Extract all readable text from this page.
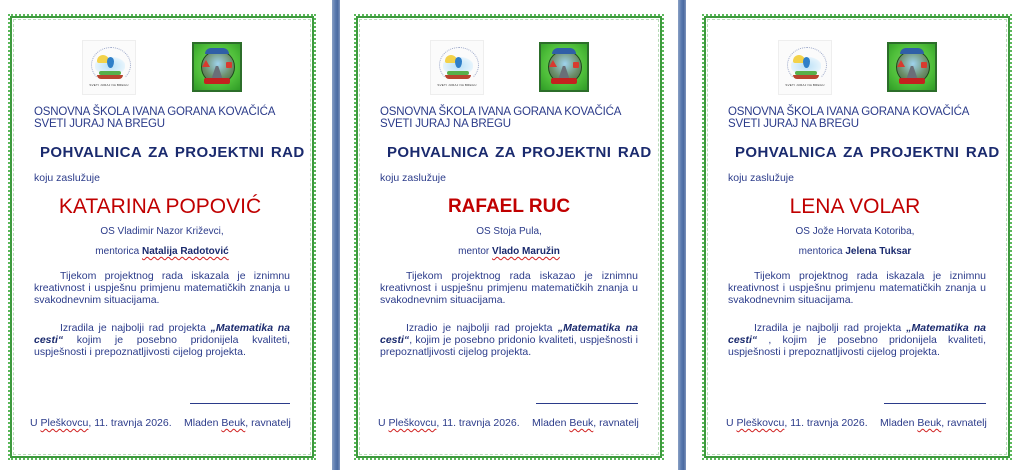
SVETI JURAJ NA BREGU
OSNOVNA ŠKOLA IVANA GORANA KOVAČIĆA
SVETI JURAJ NA BREGU
POHVALNICA ZA PROJEKTNI RAD
koju zaslužuje
KATARINA POPOVIĆ
OS Vladimir Nazor Križevci,
mentorica Natalija Radotović
Tijekom projektnog rada iskazala je iznimnu kreativnost i uspješnu primjenu matematičkih znanja u svakodnevnim situacijama.
Izradila je najbolji rad projekta „Matematika na cesti“ kojim je posebno pridonijela kvaliteti, uspješnosti i prepoznatljivosti cijelog projekta.
U Pleškovcu, 11. travnja 2026. Mladen Beuk, ravnatelj
SVETI JURAJ NA BREGU
OSNOVNA ŠKOLA IVANA GORANA KOVAČIĆA
SVETI JURAJ NA BREGU
POHVALNICA ZA PROJEKTNI RAD
koju zaslužuje
RAFAEL RUC
OS Stoja Pula,
mentor Vlado Maružin
Tijekom projektnog rada iskazao je iznimnu kreativnost i uspješnu primjenu matematičkih znanja u svakodnevnim situacijama.
Izradio je najbolji rad projekta „Matematika na cesti“, kojim je posebno pridonio kvaliteti, uspješnosti i prepoznatljivosti cijelog projekta.
U Pleškovcu, 11. travnja 2026. Mladen Beuk, ravnatelj
SVETI JURAJ NA BREGU
OSNOVNA ŠKOLA IVANA GORANA KOVAČIĆA
SVETI JURAJ NA BREGU
POHVALNICA ZA PROJEKTNI RAD
koju zaslužuje
LENA VOLAR
OS Jože Horvata Kotoriba,
mentorica Jelena Tuksar
Tijekom projektnog rada iskazala je iznimnu kreativnost i uspješnu primjenu matematičkih znanja u svakodnevnim situacijama.
Izradila je najbolji rad projekta „Matematika na cesti“ , kojim je posebno pridonijela kvaliteti, uspješnosti i prepoznatljivosti cijelog projekta.
U Pleškovcu, 11. travnja 2026. Mladen Beuk, ravnatelj
